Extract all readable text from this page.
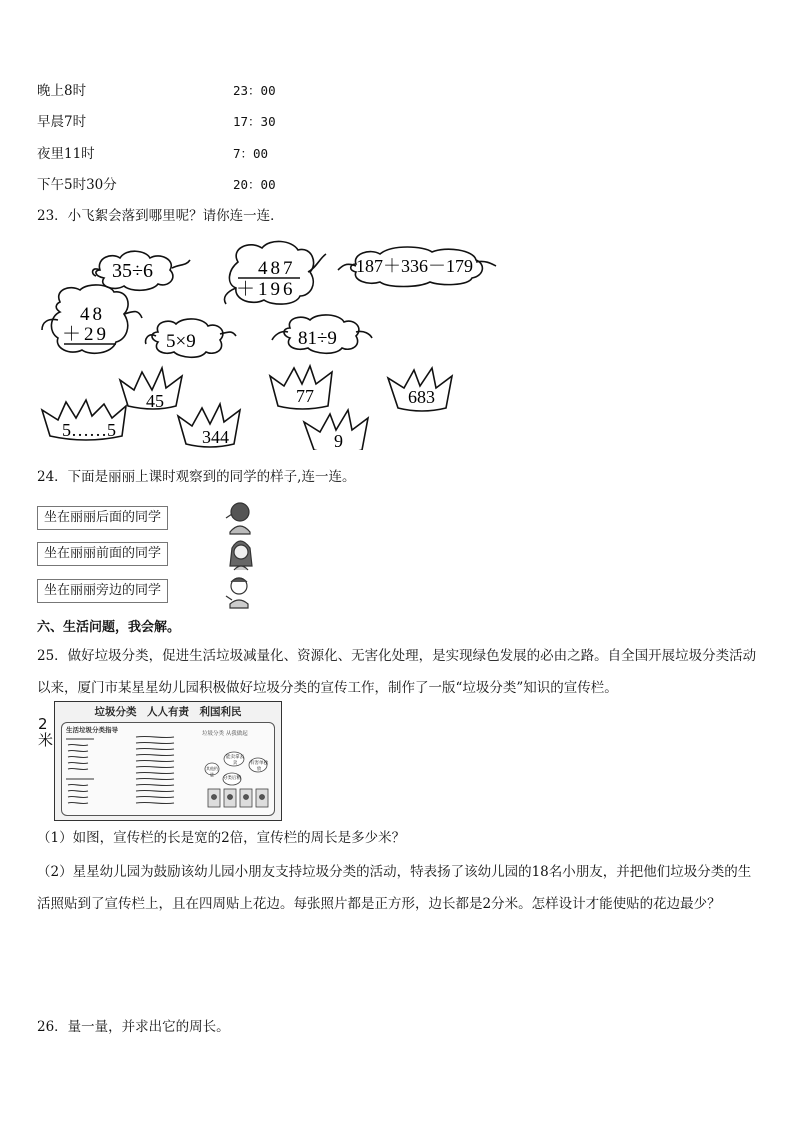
晚上8时	23：00
早晨7时	17：30
夜里11时	7：00
下午5时30分	20：00
23．小飞絮会落到哪里呢？请你连一连．
35÷6	487
＋196
187＋336－179
48
＋29	5×9	81÷9
45	77	683
5……5	344	9
24．下面是丽丽上课时观察到的同学的样子,连一连。
坐在丽丽后面的同学
坐在丽丽前面的同学
坐在丽丽旁边的同学
六、生活问题，我会解。
25．做好垃圾分类，促进生活垃圾减量化、资源化、无害化处理，是实现绿色发展的必由之路。自全国开展垃圾分类活动以来，厦门市某星星幼儿园积极做好垃圾分类的宣传工作，制作了一版“垃圾分类”知识的宣传栏。
2米
垃圾分类　人人有责　利国利民
生活垃圾分类指导	垃圾分类 从我做起
能卖拿去卖	有害单独放
分类后精
其他扔进
（1）如图，宣传栏的长是宽的2倍，宣传栏的周长是多少米？
（2）星星幼儿园为鼓励该幼儿园小朋友支持垃圾分类的活动，特表扬了该幼儿园的18名小朋友，并把他们垃圾分类的生活照贴到了宣传栏上，且在四周贴上花边。每张照片都是正方形，边长都是2分米。怎样设计才能使贴的花边最少？
26．量一量，并求出它的周长。
